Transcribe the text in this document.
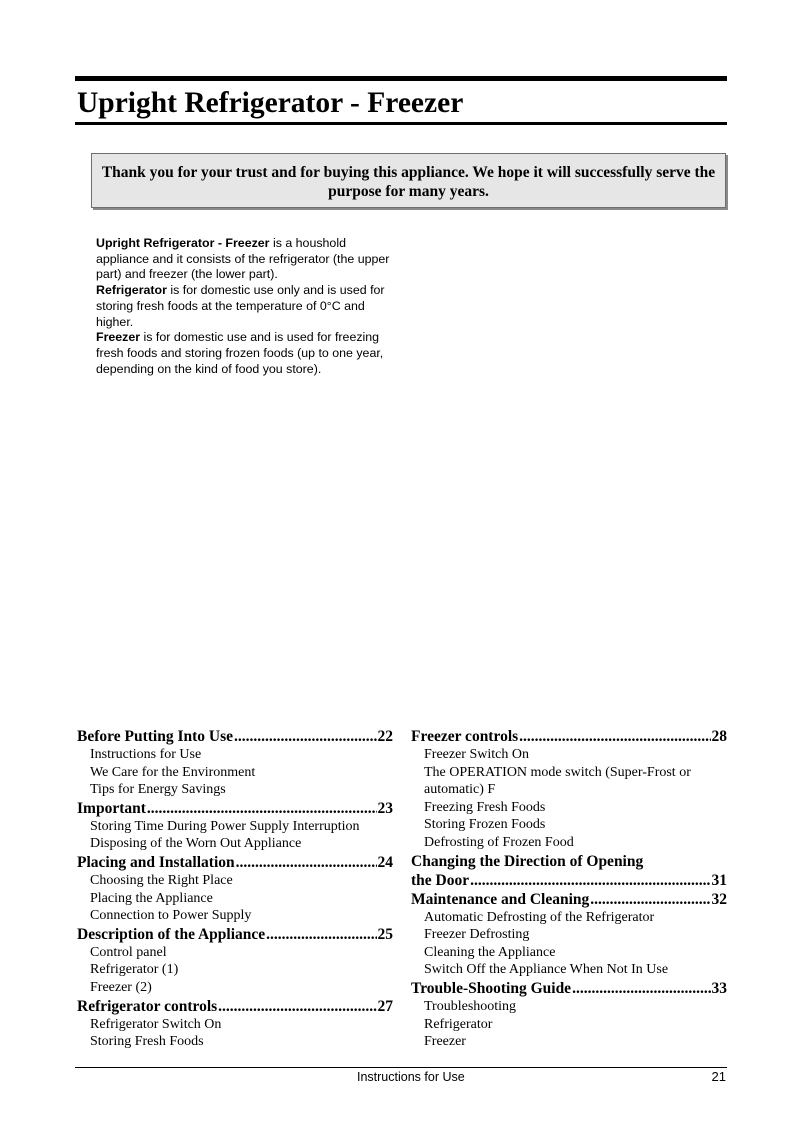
Upright Refrigerator - Freezer
Thank you for your trust and for buying this appliance. We hope it will successfully serve the purpose for many years.

Upright Refrigerator - Freezer is a houshold appliance and it consists of the refrigerator (the upper part) and freezer (the lower part).

Refrigerator is for domestic use only and is used for storing fresh foods at the temperature of 0°C and higher.

Freezer is for domestic use and is used for freezing fresh foods and storing frozen foods (up to one year, depending on the kind of food you store).

Before Putting Into Use .....	22
Instructions for Use
We Care for the Environment
Tips for Energy Savings
Important .....	23
Storing Time During Power Supply Interruption
Disposing of the Worn Out Appliance
Placing and Installation .....	24
Choosing the Right Place
Placing the Appliance
Connection to Power Supply
Description of the Appliance .....	25
Control panel
Refrigerator (1)
Freezer (2)
Refrigerator controls .....	27
Refrigerator Switch On
Storing Fresh Foods
Freezer controls .....	28
Freezer Switch On
The OPERATION mode switch (Super-Frost or automatic) F
Freezing Fresh Foods
Storing Frozen Foods
Defrosting of Frozen Food
Changing the Direction of Opening
the Door .....	31
Maintenance and Cleaning .....	32
Automatic Defrosting of the Refrigerator
Freezer Defrosting
Cleaning the Appliance
Switch Off the Appliance When Not In Use
Trouble-Shooting Guide .....	33
Troubleshooting
Refrigerator
Freezer
Instructions for Use	21
